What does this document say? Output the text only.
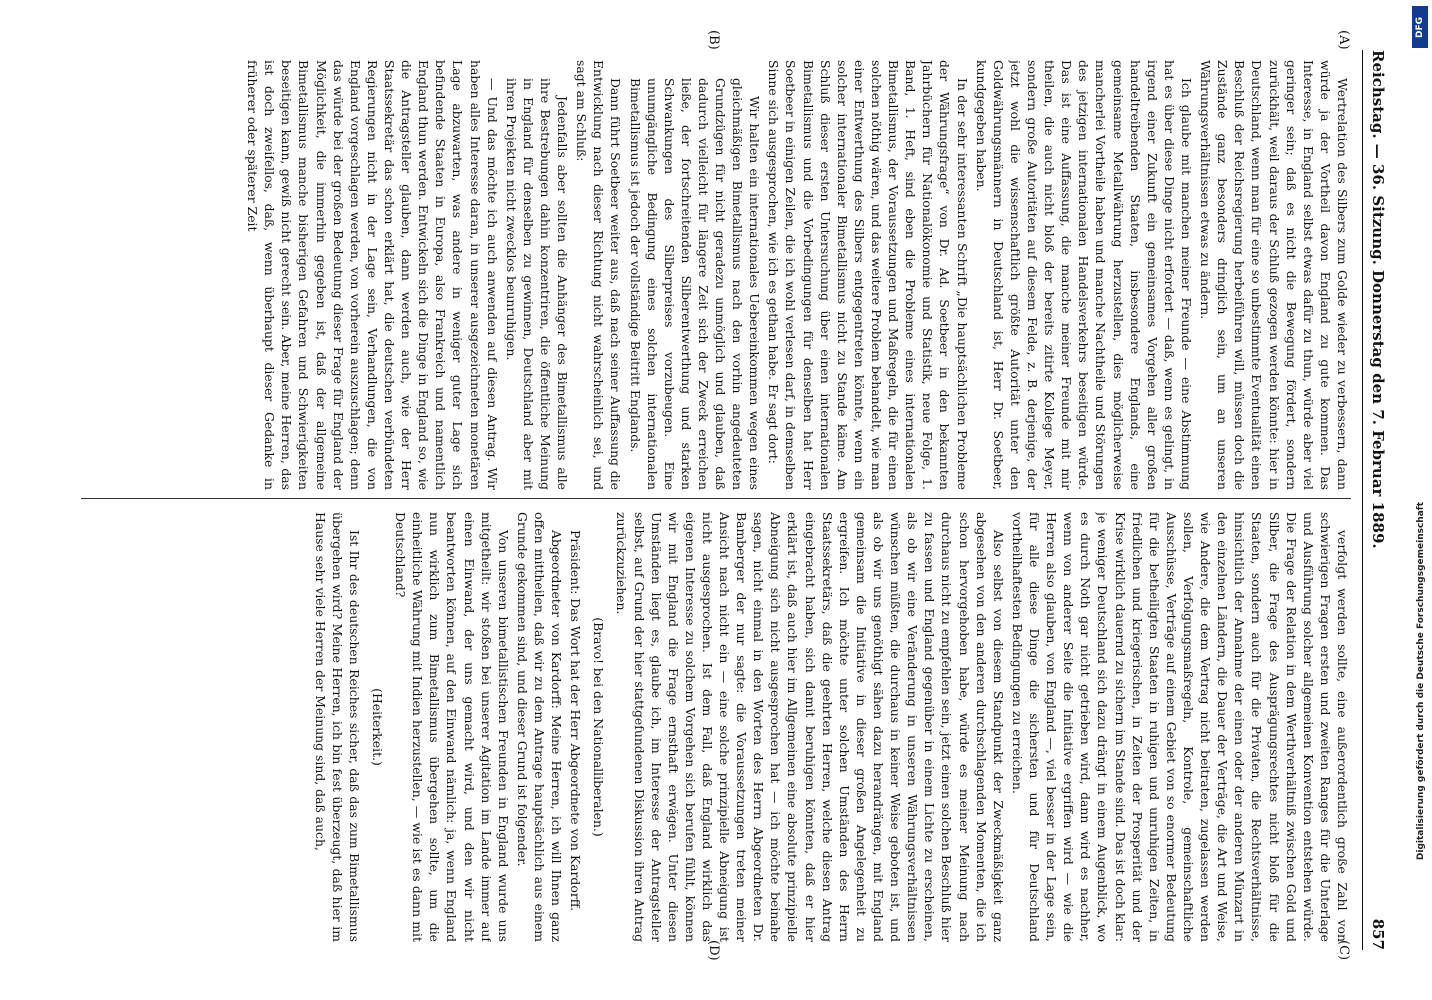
Reichstag. — 36. Sitzung. Donnerstag den 7. Februar 1889.
857
(A)
(B)
(C)
(D)

Wertrelation des Silbers zum Golde wieder zu verbessern, dann würde ja der Vortheil davon England zu gute kommen. Das Interesse, in England selbst etwas dafür zu thun, würde aber viel geringer sein; daß es nicht die Bewegung fördert, sondern zurückhält, weil daraus der Schluß gezogen werden könnte: hier in Deutschland, wenn man für eine so unbestimmte Eventualität einen Beschluß der Reichsregierung herbeiführen will, müssen doch die Zustände ganz besonders dringlich sein, um an unseren Währungsverhältnissen etwas zu ändern.

Ich glaube mit manchen meiner Freunde — eine Abstimmung hat es über diese Dinge nicht erfordert — daß, wenn es gelingt, in irgend einer Zukunft ein gemeinsames Vorgehen aller großen handeltreibenden Staaten, insbesondere Englands, eine gemeinsame Metallwährung herzustellen, dies möglicherweise mancherlei Vortheile haben und manche Nachtheile und Störungen des jetzigen internationalen Handelsverkehrs beseitigen würde. Das ist eine Auffassung, die manche meiner Freunde mit mir theilen, die auch nicht bloß der bereits zitirte Kollege Meyer, sondern große Autoritäten auf diesem Felde, z. B. derjenige, der jetzt wohl die wissenschaftlich größte Autorität unter den Goldwährungsmännern in Deutschland ist, Herr Dr. Soetbeer, kundgegeben haben.

In der sehr interessanten Schrift „Die hauptsächlichen Probleme der Währungsfrage“ von Dr. Ad. Soetbeer in den bekannten Jahrbüchern für Nationalökonomie und Statistik, neue Folge, 1. Band, 1. Heft, sind eben die Probleme eines internationalen Bimetallismus, der Voraussetzungen und Maßregeln, die für einen solchen nöthig wären, und das weitere Problem behandelt, wie man einer Entwerthung des Silbers entgegentreten könnte, wenn ein solcher internationaler Bimetallismus nicht zu Stande käme. Am Schluß dieser ersten Untersuchung über einen internationalen Bimetallismus und die Vorbedingungen für denselben hat Herr Soetbeer in einigen Zeilen, die ich wohl verlesen darf, in demselben Sinne sich ausgesprochen, wie ich es gethan habe. Er sagt dort:

Wir halten ein internationales Uebereinkommen wegen eines gleichmäßigen Bimetallismus nach den vorhin angedeuteten Grundzügen für nicht geradezu unmöglich und glauben, daß dadurch vielleicht für längere Zeit sich der Zweck erreichen ließe, der fortschreitenden Silberentwerthung und starken Schwankungen des Silberpreises vorzubeugen. Eine unumgängliche Bedingung eines solchen internationalen Bimetallismus ist jedoch der vollständige Beitritt Englands.

Dann führt Soetbeer weiter aus, daß nach seiner Auffassung die Entwicklung nach dieser Richtung nicht wahrscheinlich sei, und sagt am Schluß:

Jedenfalls aber sollten die Anhänger des Bimetallismus alle ihre Bestrebungen dahin konzentriren, die öffentliche Meinung in England für denselben zu gewinnen, Deutschland aber mit ihren Projekten nicht zwecklos beunruhigen.

— Und das möchte ich auch anwenden auf diesen Antrag. Wir haben alles Interesse daran, in unserer ausgezeichneten monetären Lage abzuwarten, was andere in weniger guter Lage sich befindende Staaten in Europa, also Frankreich und namentlich England thun werden. Entwickeln sich die Dinge in England so, wie die Antragsteller glauben, dann werden auch, wie der Herr Staatssekretär das schon erklärt hat, die deutschen verbündeten Regierungen nicht in der Lage sein, Verhandlungen, die von England vorgeschlagen werden, von vorherein auszuschlagen; denn das würde bei der großen Bedeutung dieser Frage für England der Möglichkeit, die immerhin gegeben ist, daß der allgemeine Bimetallismus manche bisherigen Gefahren und Schwierigkeiten beseitigen kann, gewiß nicht gerecht sein. Aber, meine Herren, das ist doch zweifellos, daß, wenn überhaupt dieser Gedanke in früherer oder späterer Zeit

verfolgt werden sollte, eine außerordentlich große Zahl von schwierigen Fragen ersten und zweiten Ranges für die Unterlage und Ausführung solcher allgemeinen Konvention entstehen würde. Die Frage der Relation in dem Werthverhältniß zwischen Gold und Silber, die Frage des Ausprägungsrechtes nicht bloß für die Staaten, sondern auch für die Privaten, die Rechtsverhältnisse, hinsichtlich der Annahme der einen oder der anderen Münzart in den einzelnen Ländern, die Dauer der Verträge, die Art und Weise, wie Andere, die dem Vertrag nicht beitraten, zugelassen werden sollen, Verfolgungsmaßregeln, Kontrole, gemeinschaftliche Ausschüsse, Verträge auf einem Gebiet von so enormer Bedeutung für die betheiligten Staaten in ruhigen und unruhigen Zeiten, in friedlichen und kriegerischen, in Zeiten der Prosperität und der Krise wirklich dauernd zu sichern im Stande sind. Das ist doch klar: je weniger Deutschland sich dazu drängt in einem Augenblick, wo es durch Noth gar nicht getrieben wird, dann wird es nachher, wenn von anderer Seite die Initiative ergriffen wird — wie die Herren also glauben, von England —, viel besser in der Lage sein, für alle diese Dinge die sichersten und für Deutschland vortheilhaftesten Bedingungen zu erreichen.

Also selbst von diesem Standpunkt der Zweckmäßigkeit ganz abgesehen von den anderen durchschlagenden Momenten, die ich schon hervorgehoben habe, würde es meiner Meinung nach durchaus nicht zu empfehlen sein, jetzt einen solchen Beschluß hier zu fassen und England gegenüber in einem Lichte zu erscheinen, als ob wir eine Veränderung in unseren Währungsverhältnissen wünschen müßten, die durchaus in keiner Weise geboten ist, und als ob wir uns genöthigt sähen dazu herandrängen, mit England gemeinsam die Initiative in dieser großen Angelegenheit zu ergreifen. Ich möchte unter solchen Umständen des Herrn Staatssekretärs, daß die geehrten Herren, welche diesen Antrag eingebracht haben, sich damit beruhigen könnten, daß er hier erklärt ist, daß auch hier im Allgemeinen eine absolute prinzipielle Abneigung sich nicht ausgesprochen hat — ich möchte beinahe sagen, nicht einmal in den Worten des Herrn Abgeordneten Dr. Bamberger der nur sagte: die Voraussetzungen treten meiner Ansicht nach nicht ein — eine solche prinzipielle Abneigung ist nicht ausgesprochen. Ist dem Fall, daß England wirklich das eigenen Interesse zu solchem Vorgehen sich berufen fühlt, können wir mit England die Frage ernsthaft erwägen. Unter diesen Umständen liegt es, glaube ich, im Interesse der Antragsteller selbst, auf Grund der hier stattgefundenen Diskussion ihren Antrag zurückzuziehen.

(Bravo! bei den Nationalliberalen.)

Präsident: Das Wort hat der Herr Abgeordnete von Kardorff.

Abgeordneter von Kardorff: Meine Herren, ich will Ihnen ganz offen mittheilen, daß wir zu dem Antrage hauptsächlich aus einem Grunde gekommen sind, und dieser Grund ist folgender.

Von unseren bimetallistischen Freunden in England wurde uns mitgetheilt: wir stoßen bei unserer Agitation im Lande immer auf einen Einwand, der uns gemacht wird, und den wir nicht beantworten können, auf den Einwand nämlich: ja, wenn England nun wirklich zum Bimetallismus übergehen sollte, um die einheitliche Währung mit Indien herzustellen, — wie ist es dann mit Deutschland?

(Heiterkeit.)

Ist Ihr des deutschen Reiches sicher, daß das zum Bimetallismus übergehen wird? Meine Herren, ich bin fest überzeugt, daß hier im Hause sehr viele Herren der Meinung sind, daß auch,

DFG
Digitalisierung gefördert durch die Deutsche Forschungsgemeinschaft
